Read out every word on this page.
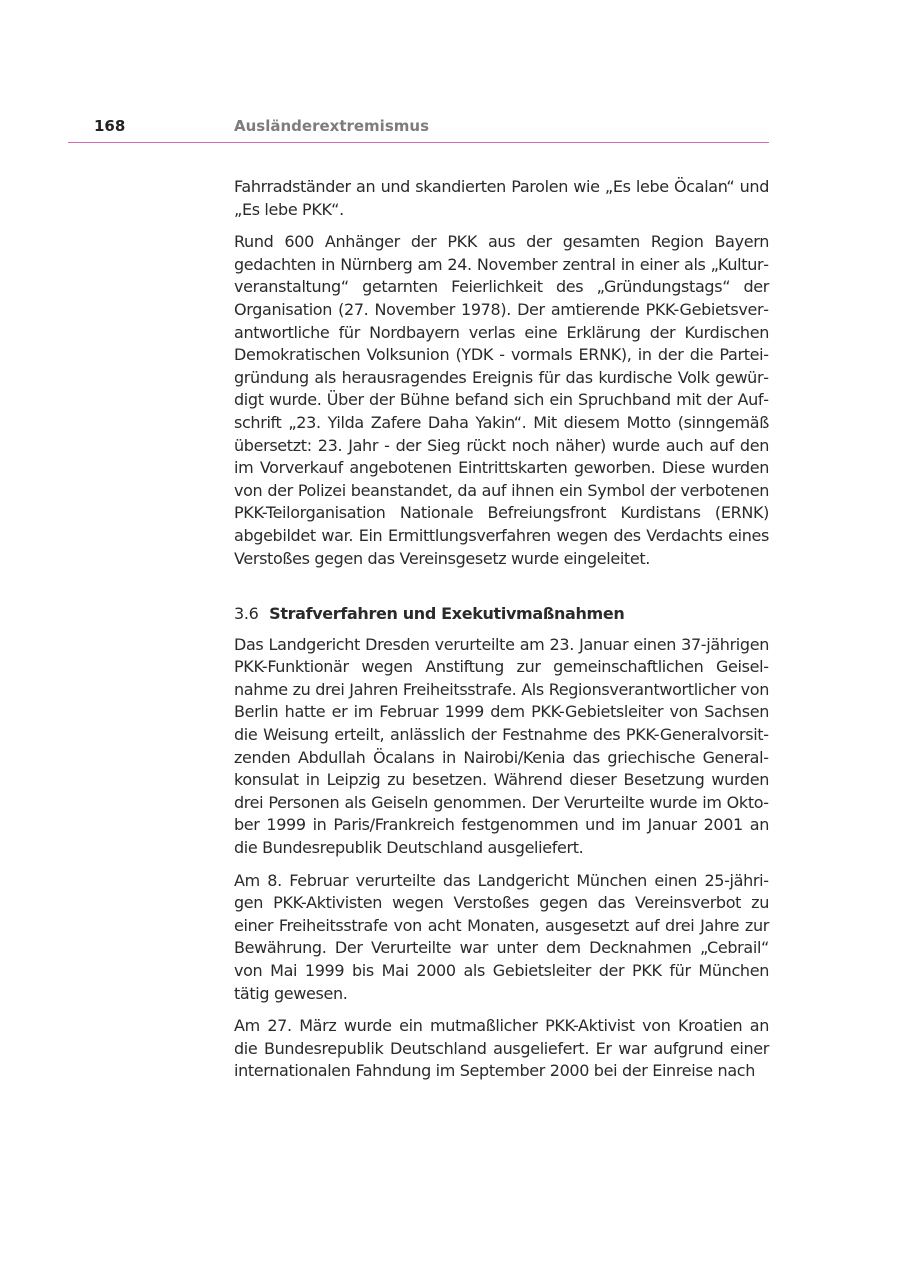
168	Ausländerextremismus

Fahrradständer an und skandierten Parolen wie „Es lebe Öcalan“ und „Es lebe PKK“.

Rund 600 Anhänger der PKK aus der gesamten Region Bayern gedachten in Nürnberg am 24. November zentral in einer als „Kulturveranstaltung“ getarnten Feierlichkeit des „Gründungstags“ der Organisation (27. November 1978). Der amtierende PKK-Gebietsverantwortliche für Nordbayern verlas eine Erklärung der Kurdischen Demokratischen Volksunion (YDK - vormals ERNK), in der die Parteigründung als herausragendes Ereignis für das kurdische Volk gewürdigt wurde. Über der Bühne befand sich ein Spruchband mit der Aufschrift „23. Yilda Zafere Daha Yakin“. Mit diesem Motto (sinngemäß übersetzt: 23. Jahr - der Sieg rückt noch näher) wurde auch auf den im Vorverkauf angebotenen Eintrittskarten geworben. Diese wurden von der Polizei beanstandet, da auf ihnen ein Symbol der verbotenen PKK-Teilorganisation Nationale Befreiungsfront Kurdistans (ERNK) abgebildet war. Ein Ermittlungsverfahren wegen des Verdachts eines Verstoßes gegen das Vereinsgesetz wurde eingeleitet.

3.6 Strafverfahren und Exekutivmaßnahmen

Das Landgericht Dresden verurteilte am 23. Januar einen 37-jährigen PKK-Funktionär wegen Anstiftung zur gemeinschaftlichen Geiselnahme zu drei Jahren Freiheitsstrafe. Als Regionsverantwortlicher von Berlin hatte er im Februar 1999 dem PKK-Gebietsleiter von Sachsen die Weisung erteilt, anlässlich der Festnahme des PKK-Generalvorsitzenden Abdullah Öcalans in Nairobi/Kenia das griechische Generalkonsulat in Leipzig zu besetzen. Während dieser Besetzung wurden drei Personen als Geiseln genommen. Der Verurteilte wurde im Oktober 1999 in Paris/Frankreich festgenommen und im Januar 2001 an die Bundesrepublik Deutschland ausgeliefert.

Am 8. Februar verurteilte das Landgericht München einen 25-jährigen PKK-Aktivisten wegen Verstoßes gegen das Vereinsverbot zu einer Freiheitsstrafe von acht Monaten, ausgesetzt auf drei Jahre zur Bewährung. Der Verurteilte war unter dem Decknahmen „Cebrail“ von Mai 1999 bis Mai 2000 als Gebietsleiter der PKK für München tätig gewesen.

Am 27. März wurde ein mutmaßlicher PKK-Aktivist von Kroatien an die Bundesrepublik Deutschland ausgeliefert. Er war aufgrund einer internationalen Fahndung im September 2000 bei der Einreise nach
